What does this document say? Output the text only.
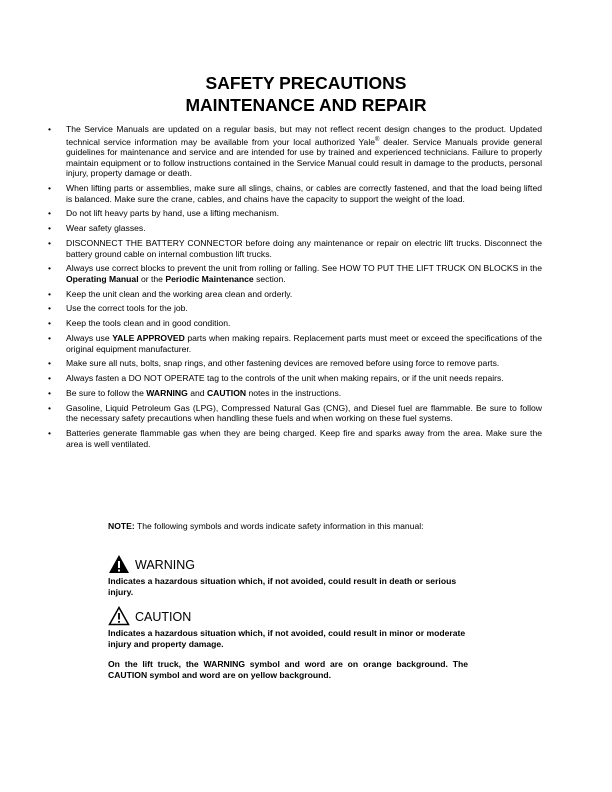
SAFETY PRECAUTIONS
MAINTENANCE AND REPAIR
• The Service Manuals are updated on a regular basis, but may not reflect recent design changes to the product. Updated technical service information may be available from your local authorized Yale® dealer. Service Manuals provide general guidelines for maintenance and service and are intended for use by trained and experienced technicians. Failure to properly maintain equipment or to follow instructions contained in the Service Manual could result in damage to the products, personal injury, property damage or death.
• When lifting parts or assemblies, make sure all slings, chains, or cables are correctly fastened, and that the load being lifted is balanced. Make sure the crane, cables, and chains have the capacity to support the weight of the load.
• Do not lift heavy parts by hand, use a lifting mechanism.
• Wear safety glasses.
• DISCONNECT THE BATTERY CONNECTOR before doing any maintenance or repair on electric lift trucks. Disconnect the battery ground cable on internal combustion lift trucks.
• Always use correct blocks to prevent the unit from rolling or falling. See HOW TO PUT THE LIFT TRUCK ON BLOCKS in the Operating Manual or the Periodic Maintenance section.
• Keep the unit clean and the working area clean and orderly.
• Use the correct tools for the job.
• Keep the tools clean and in good condition.
• Always use YALE APPROVED parts when making repairs. Replacement parts must meet or exceed the specifications of the original equipment manufacturer.
• Make sure all nuts, bolts, snap rings, and other fastening devices are removed before using force to remove parts.
• Always fasten a DO NOT OPERATE tag to the controls of the unit when making repairs, or if the unit needs repairs.
• Be sure to follow the WARNING and CAUTION notes in the instructions.
• Gasoline, Liquid Petroleum Gas (LPG), Compressed Natural Gas (CNG), and Diesel fuel are flammable. Be sure to follow the necessary safety precautions when handling these fuels and when working on these fuel systems.
• Batteries generate flammable gas when they are being charged. Keep fire and sparks away from the area. Make sure the area is well ventilated.
NOTE: The following symbols and words indicate safety information in this manual:
WARNING
Indicates a hazardous situation which, if not avoided, could result in death or serious injury.
CAUTION
Indicates a hazardous situation which, if not avoided, could result in minor or moderate injury and property damage.
On the lift truck, the WARNING symbol and word are on orange background. The CAUTION symbol and word are on yellow background.
